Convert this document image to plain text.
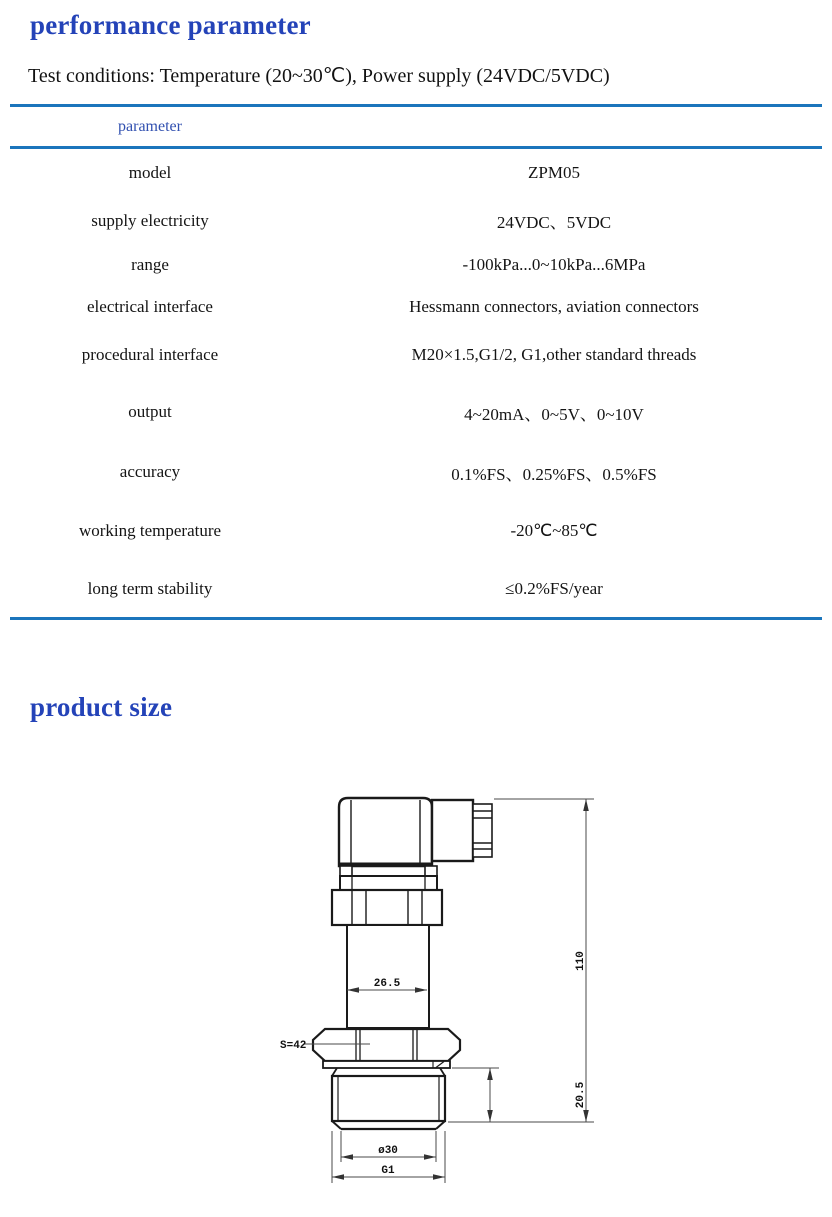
performance parameter

Test conditions: Temperature (20~30℃), Power supply (24VDC/5VDC)

parameter
model	ZPM05
supply electricity	24VDC、5VDC
range	-100kPa...0~10kPa...6MPa
electrical interface	Hessmann connectors, aviation connectors
procedural interface	M20×1.5,G1/2, G1,other standard threads
output	4~20mA、0~5V、0~10V
accuracy	0.1%FS、0.25%FS、0.5%FS
working temperature	-20℃~85℃
long term stability	≤0.2%FS/year
product size
26.5
S=42
20.5
110
ø30
G1
